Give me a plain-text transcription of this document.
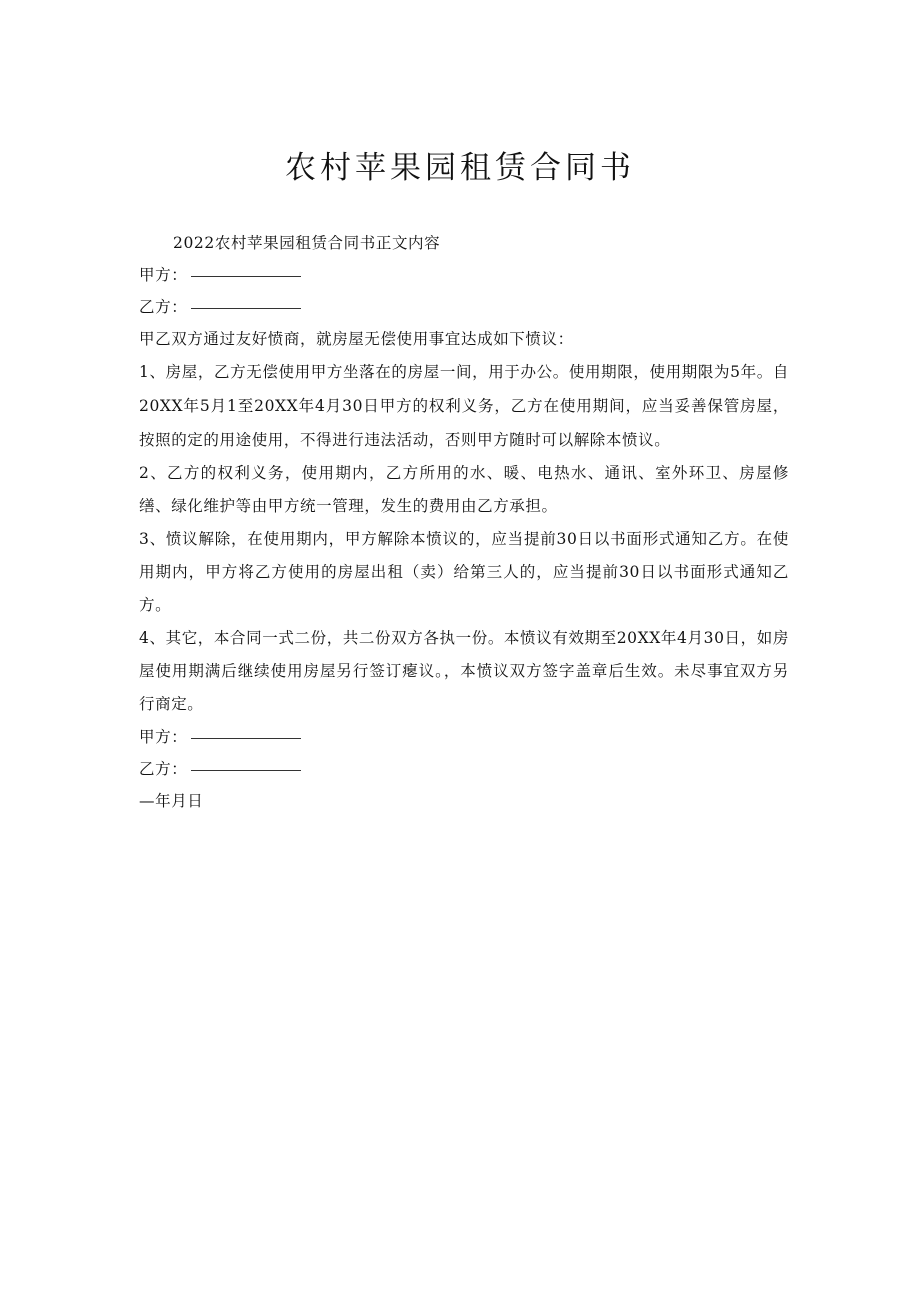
农村苹果园租赁合同书
2022农村苹果园租赁合同书正文内容
甲方：
乙方：
甲乙双方通过友好愤商，就房屋无偿使用事宜达成如下愤议：

1、房屋，乙方无偿使用甲方坐落在的房屋一间，用于办公。使用期限，使用期限为5年。自20XX年5月1至20XX年4月30日甲方的权利义务，乙方在使用期间，应当妥善保管房屋，按照的定的用途使用，不得进行违法活动，否则甲方随时可以解除本愤议。

2、乙方的权利义务，使用期内，乙方所用的水、暖、电热水、通讯、室外环卫、房屋修缮、绿化维护等由甲方统一管理，发生的费用由乙方承担。

3、愤议解除，在使用期内，甲方解除本愤议的，应当提前30日以书面形式通知乙方。在使用期内，甲方将乙方使用的房屋出租（卖）给第三人的，应当提前30日以书面形式通知乙方。

4、其它，本合同一式二份，共二份双方各执一份。本愤议有效期至20XX年4月30日，如房屋使用期满后继续使用房屋另行签订瘪议。，本愤议双方签字盖章后生效。未尽事宜双方另行商定。

甲方：
乙方：
—年月日
